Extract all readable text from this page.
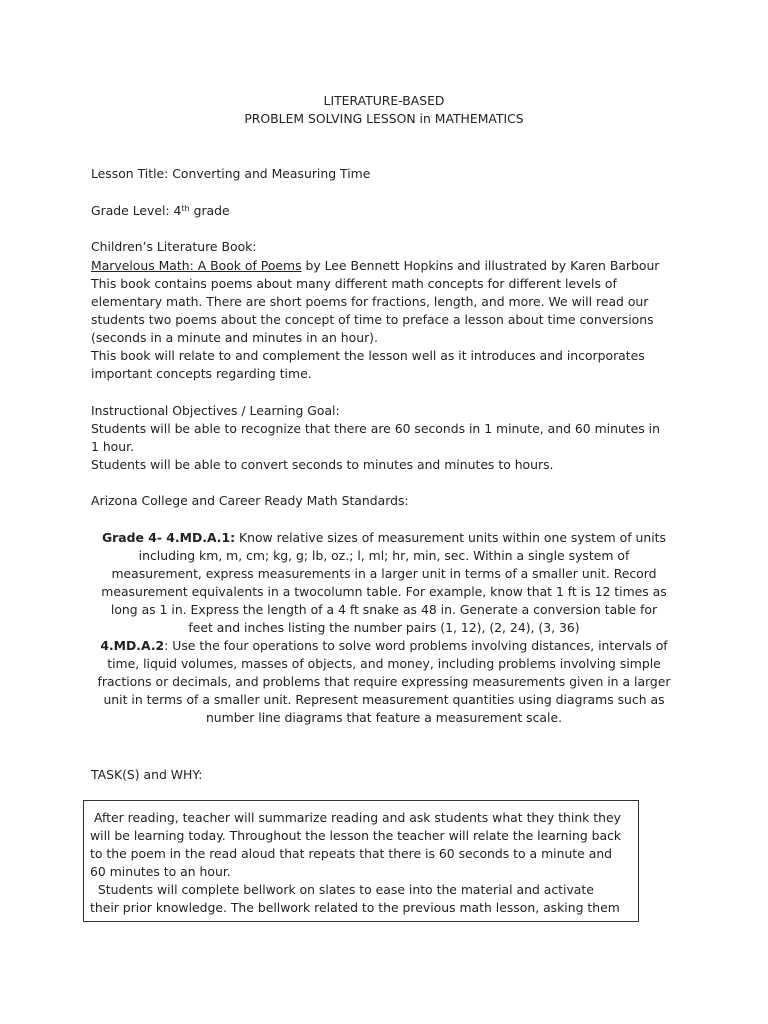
LITERATURE-BASED
PROBLEM SOLVING LESSON in MATHEMATICS
Lesson Title: Converting and Measuring Time
Grade Level: 4th grade
Children’s Literature Book:
Marvelous Math: A Book of Poems by Lee Bennett Hopkins and illustrated by Karen Barbour
This book contains poems about many different math concepts for different levels of
elementary math. There are short poems for fractions, length, and more. We will read our
students two poems about the concept of time to preface a lesson about time conversions
(seconds in a minute and minutes in an hour).
This book will relate to and complement the lesson well as it introduces and incorporates
important concepts regarding time.
Instructional Objectives / Learning Goal:
Students will be able to recognize that there are 60 seconds in 1 minute, and 60 minutes in
1 hour.
Students will be able to convert seconds to minutes and minutes to hours.
Arizona College and Career Ready Math Standards:
Grade 4- 4.MD.A.1: Know relative sizes of measurement units within one system of units
including km, m, cm; kg, g; lb, oz.; l, ml; hr, min, sec. Within a single system of
measurement, express measurements in a larger unit in terms of a smaller unit. Record
measurement equivalents in a twocolumn table. For example, know that 1 ft is 12 times as
long as 1 in. Express the length of a 4 ft snake as 48 in. Generate a conversion table for
feet and inches listing the number pairs (1, 12), (2, 24), (3, 36)
4.MD.A.2: Use the four operations to solve word problems involving distances, intervals of
time, liquid volumes, masses of objects, and money, including problems involving simple
fractions or decimals, and problems that require expressing measurements given in a larger
unit in terms of a smaller unit. Represent measurement quantities using diagrams such as
number line diagrams that feature a measurement scale.
TASK(S) and WHY:
After reading, teacher will summarize reading and ask students what they think they
will be learning today. Throughout the lesson the teacher will relate the learning back
to the poem in the read aloud that repeats that there is 60 seconds to a minute and
60 minutes to an hour.
Students will complete bellwork on slates to ease into the material and activate
their prior knowledge. The bellwork related to the previous math lesson, asking them
